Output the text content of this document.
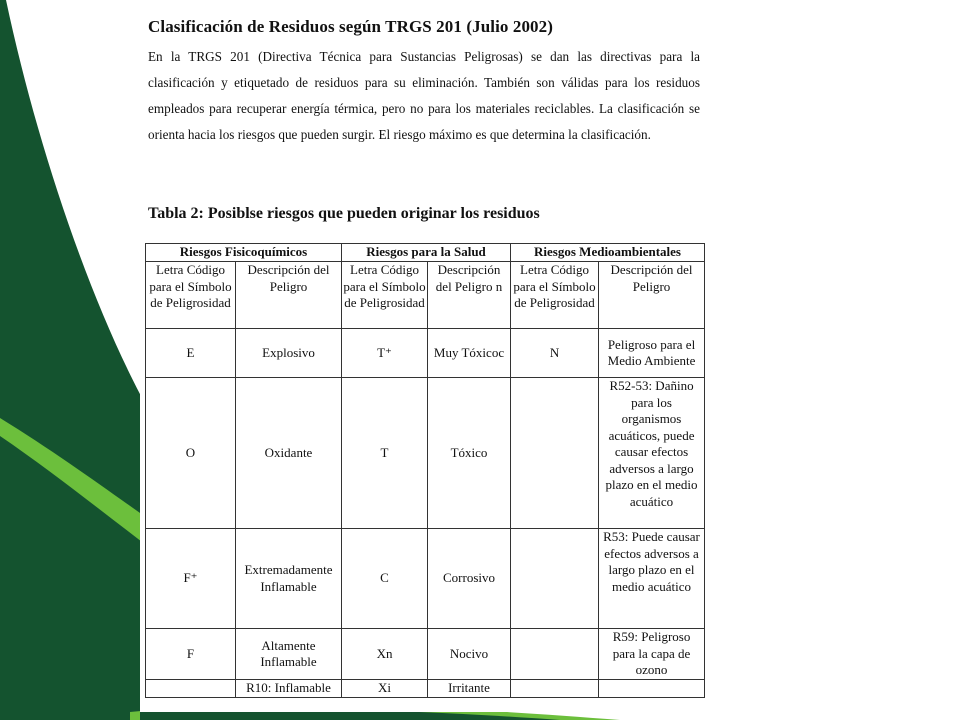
Clasificación de Residuos según TRGS 201 (Julio 2002)

En la TRGS 201 (Directiva Técnica para Sustancias Peligrosas) se dan las directivas para la clasificación y etiquetado de residuos para su eliminación. También son válidas para los residuos empleados para recuperar energía térmica, pero no para los materiales reciclables. La clasificación se orienta hacia los riesgos que pueden surgir. El riesgo máximo es que determina la clasificación.

Tabla 2: Posiblse riesgos que pueden originar los residuos
Riesgos Fisicoquímicos		Riesgos para la Salud		Riesgos Medioambientales	
Letra Código para el Símbolo de Peligrosidad	Descripción del Peligro	Letra Código para el Símbolo de Peligrosidad	Descripción del Peligro n	Letra Código para el Símbolo de Peligrosidad	Descripción del Peligro
E	Explosivo	T⁺	Muy Tóxicoc	N	Peligroso para el Medio Ambiente
O	Oxidante	T	Tóxico		R52-53: Dañino para los organismos acuáticos, puede causar efectos adversos a largo plazo en el medio acuático
F⁺	Extremadamente Inflamable	C	Corrosivo		R53: Puede causar efectos adversos a largo plazo en el medio acuático
F	Altamente Inflamable	Xn	Nocivo		R59: Peligroso para la capa de ozono
	R10: Inflamable	Xi	Irritante		
